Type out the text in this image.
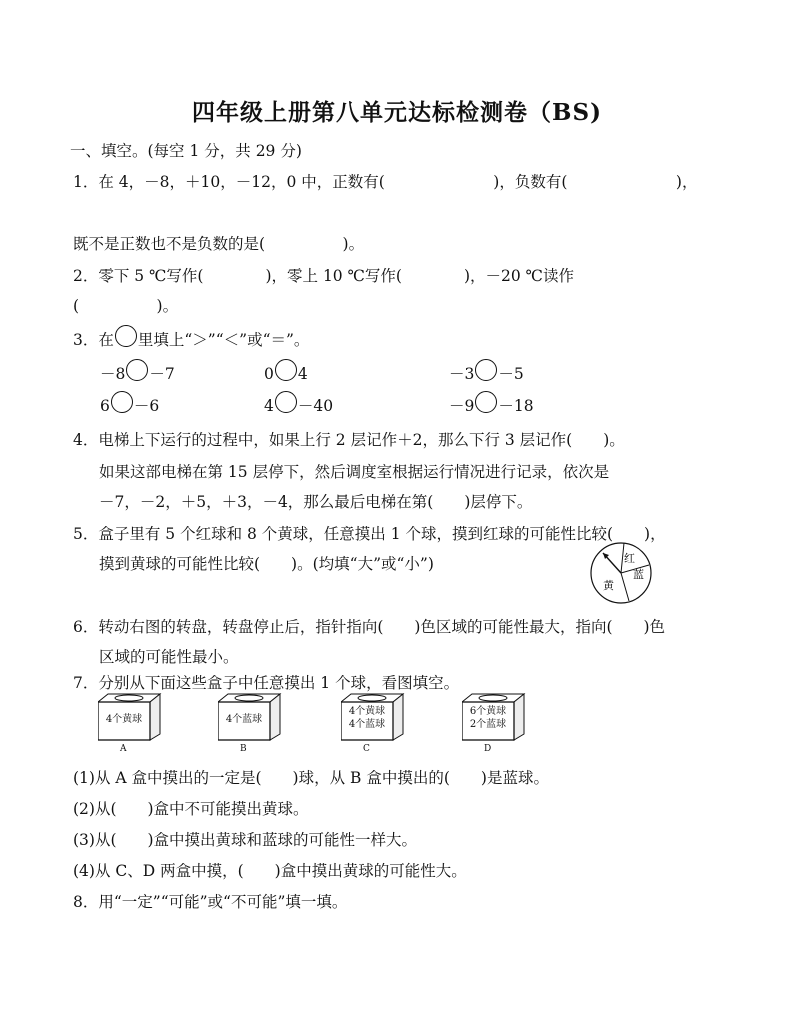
四年级上册第八单元达标检测卷（BS)
一、填空。(每空 1 分，共 29 分)
1．在 4，－8，＋10，－12，0 中，正数有(　　　　　　　)，负数有(　　　　　　　)，
既不是正数也不是负数的是(　　　　　)。
2．零下 5 ℃写作(　　　　)，零上 10 ℃写作(　　　　)，－20 ℃读作
(　　　　　)。
3．在 里填上“＞”“＜”或“＝”。
－8 －7	0 4	－3 －5
6 －6	4 －40	－9 －18
4．电梯上下运行的过程中，如果上行 2 层记作＋2，那么下行 3 层记作(　　)。
如果这部电梯在第 15 层停下，然后调度室根据运行情况进行记录，依次是
－7，－2，＋5，＋3，－4，那么最后电梯在第(　　)层停下。
5．盒子里有 5 个红球和 8 个黄球，任意摸出 1 个球，摸到红球的可能性比较(　　)，
摸到黄球的可能性比较(　　)。(均填“大”或“小”)	红
蓝
黄
6．转动右图的转盘，转盘停止后，指针指向(　　)色区域的可能性最大，指向(　　)色
区域的可能性最小。
7．分别从下面这些盒子中任意摸出 1 个球，看图填空。
4个黄球
A
4个蓝球
B
4个黄球
4个蓝球
C
6个黄球
2个蓝球
D
(1)从 A 盒中摸出的一定是(　　)球，从 B 盒中摸出的(　　)是蓝球。
(2)从(　　)盒中不可能摸出黄球。
(3)从(　　)盒中摸出黄球和蓝球的可能性一样大。
(4)从 C、D 两盒中摸，(　　)盒中摸出黄球的可能性大。
8．用“一定”“可能”或“不可能”填一填。
